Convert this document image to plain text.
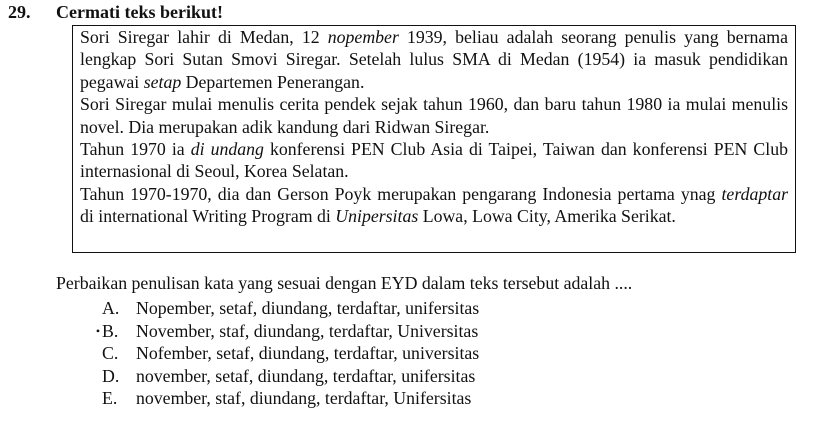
29. Cermati teks berikut!

Sori Siregar lahir di Medan, 12 nopember 1939, beliau adalah seorang penulis yang bernama lengkap Sori Sutan Smovi Siregar. Setelah lulus SMA di Medan (1954) ia masuk pendidikan pegawai setap Departemen Penerangan.

Sori Siregar mulai menulis cerita pendek sejak tahun 1960, dan baru tahun 1980 ia mulai menulis novel. Dia merupakan adik kandung dari Ridwan Siregar.

Tahun 1970 ia di undang konferensi PEN Club Asia di Taipei, Taiwan dan konferensi PEN Club internasional di Seoul, Korea Selatan.

Tahun 1970-1970, dia dan Gerson Poyk merupakan pengarang Indonesia pertama ynag terdaptar di international Writing Program di Unipersitas Lowa, Lowa City, Amerika Serikat.

Perbaikan penulisan kata yang sesuai dengan EYD dalam teks tersebut adalah ....
A. Nopember, setaf, diundang, terdaftar, unifersitas
• B. November, staf, diundang, terdaftar, Universitas
C. Nofember, setaf, diundang, terdaftar, universitas
D. november, setaf, diundang, terdaftar, unifersitas
E. november, staf, diundang, terdaftar, Unifersitas
